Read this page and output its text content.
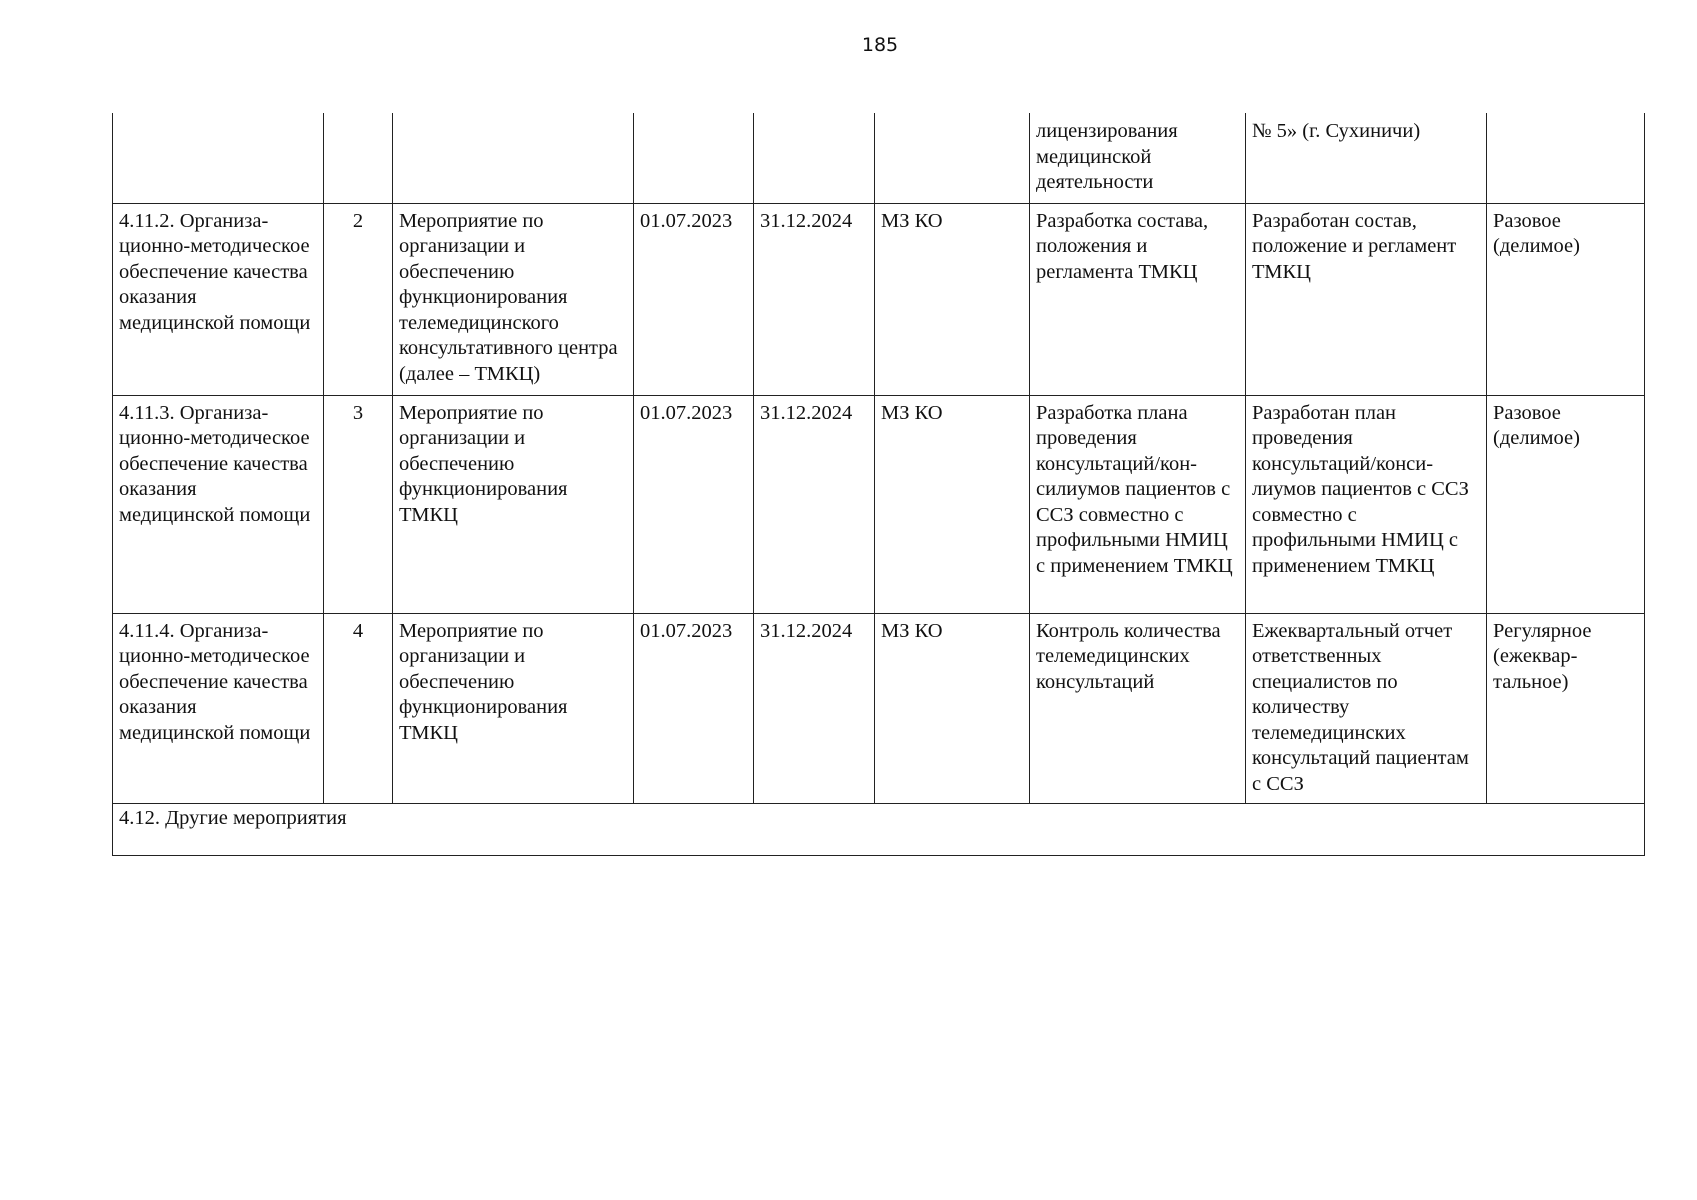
185
						лицензирования медицинской деятельности	№ 5» (г. Сухиничи)	
4.11.2. Организа-ционно-методическое обеспечение качества оказания медицинской помощи	2	Мероприятие по организации и обеспечению функционирования телемедицинского консультативного центра (далее – ТМКЦ)	01.07.2023	31.12.2024	МЗ КО	Разработка состава, положения и регламента ТМКЦ	Разработан состав, положение и регламент ТМКЦ	Разовое (делимое)
4.11.3. Организа-ционно-методическое обеспечение качества оказания медицинской помощи	3	Мероприятие по организации и обеспечению функционирования ТМКЦ	01.07.2023	31.12.2024	МЗ КО	Разработка плана проведения консультаций/кон-силиумов пациентов с ССЗ совместно с профильными НМИЦ с применением ТМКЦ	Разработан план проведения консультаций/конси-лиумов пациентов с ССЗ совместно с профильными НМИЦ с применением ТМКЦ	Разовое (делимое)
4.11.4. Организа-ционно-методическое обеспечение качества оказания медицинской помощи	4	Мероприятие по организации и обеспечению функционирования ТМКЦ	01.07.2023	31.12.2024	МЗ КО	Контроль количества телемедицинских консультаций	Ежеквартальный отчет ответственных специалистов по количеству телемедицинских консультаций пациентам с ССЗ	Регулярное (ежеквар-тальное)
4.12. Другие мероприятия								
